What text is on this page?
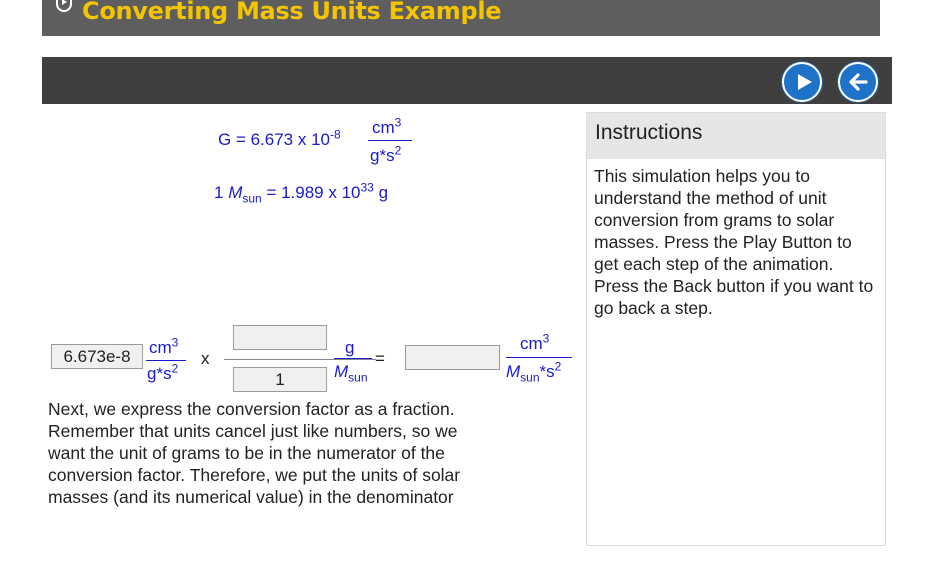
Converting Mass Units Example
G = 6.673 x $10^{-8}$ $cm^3$
$g*s^2$
1 $M_{sun} = 1.989$ x $10^{33}$ g
6.673e-8	$cm^3$
$g*s^2$
x
1
g
$M_{sun}$
=
$cm^3$
$M_{sun}*s^2$
Next, we express the conversion factor as a fraction. Remember that units cancel just like numbers, so we want the unit of grams to be in the numerator of the conversion factor. Therefore, we put the units of solar masses (and its numerical value) in the denominator
Instructions
This simulation helps you to understand the method of unit conversion from grams to solar masses. Press the Play Button to get each step of the animation. Press the Back button if you want to go back a step.
